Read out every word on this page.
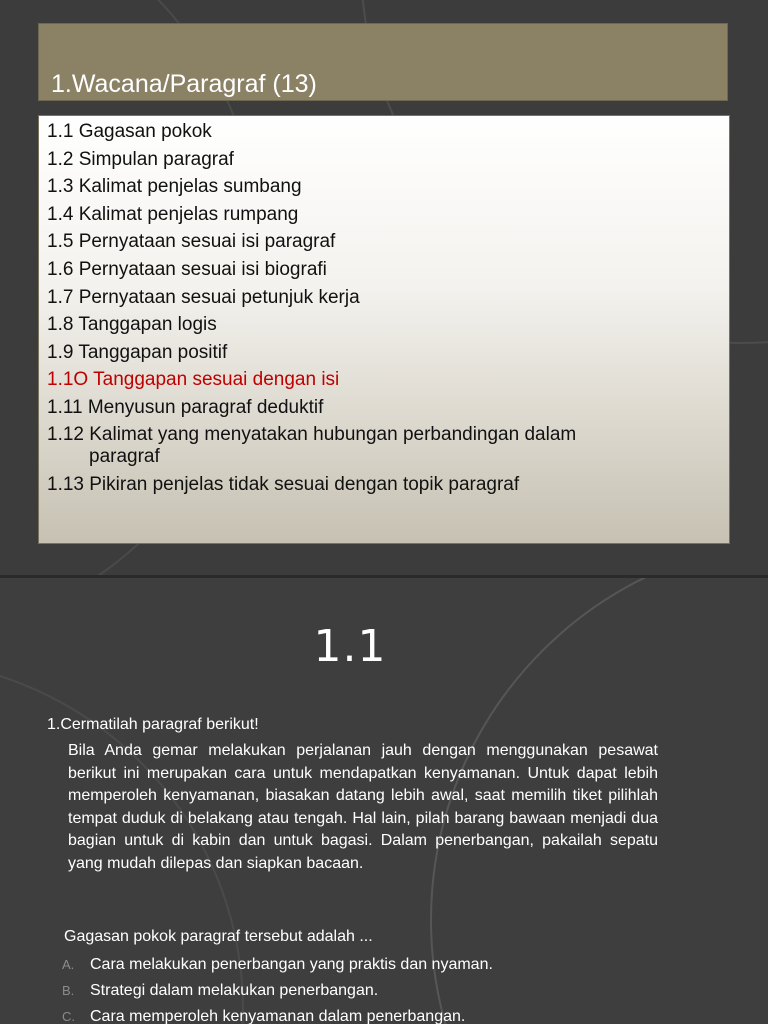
1.Wacana/Paragraf (13)
1.1 Gagasan pokok
1.2 Simpulan paragraf
1.3 Kalimat penjelas sumbang
1.4 Kalimat penjelas rumpang
1.5 Pernyataan sesuai isi paragraf
1.6 Pernyataan sesuai isi biografi
1.7 Pernyataan sesuai petunjuk kerja
1.8 Tanggapan logis
1.9 Tanggapan positif
1.1O Tanggapan sesuai dengan isi
1.11 Menyusun paragraf deduktif
1.12 Kalimat yang menyatakan hubungan perbandingan dalam
paragraf
1.13 Pikiran penjelas tidak sesuai dengan topik paragraf
1.1
1.Cermatilah paragraf berikut!
Bila Anda gemar melakukan perjalanan jauh dengan menggunakan pesawat berikut ini merupakan cara untuk mendapatkan kenyamanan. Untuk dapat lebih memperoleh kenyamanan, biasakan datang lebih awal, saat memilih tiket pilihlah tempat duduk di belakang atau tengah. Hal lain, pilah barang bawaan menjadi dua bagian untuk di kabin dan untuk bagasi. Dalam penerbangan, pakailah sepatu yang mudah dilepas dan siapkan bacaan.
Gagasan pokok paragraf tersebut adalah ...
A. Cara melakukan penerbangan yang praktis dan nyaman.
B. Strategi dalam melakukan penerbangan.
C. Cara memperoleh kenyamanan dalam penerbangan.
